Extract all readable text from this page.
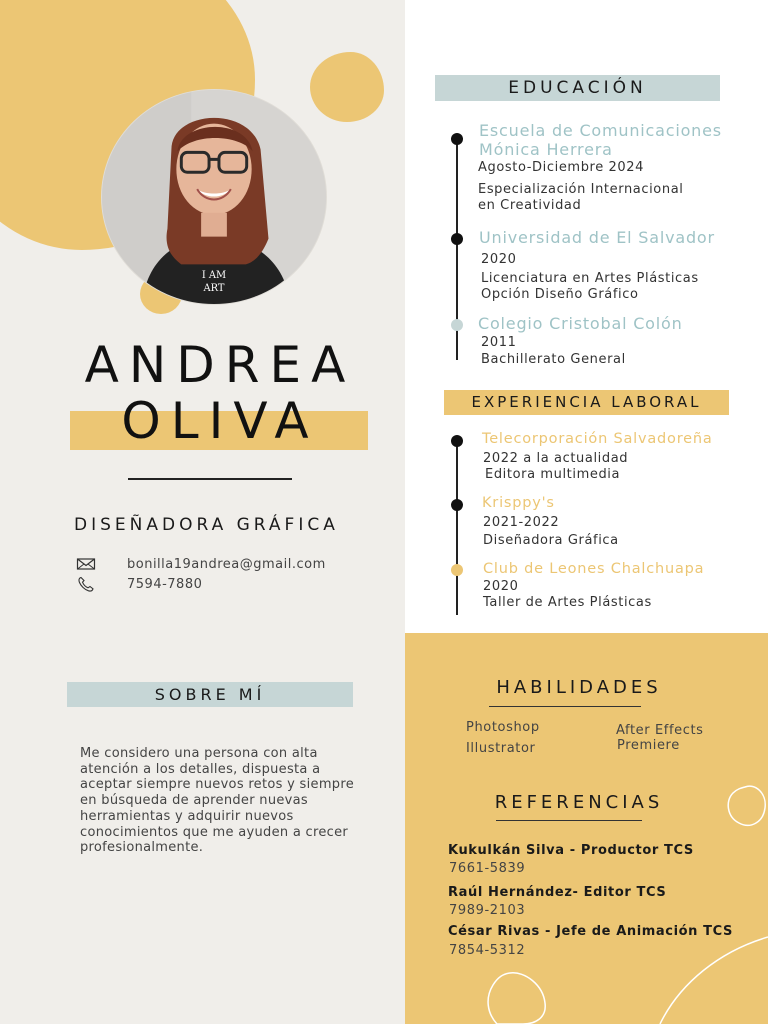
I AM
ART
ANDREA
OLIVA
DISEÑADORA GRÁFICA
bonilla19andrea@gmail.com
7594-7880
SOBRE MÍ
Me considero una persona con alta
atención a los detalles, dispuesta a
aceptar siempre nuevos retos y siempre
en búsqueda de aprender nuevas
herramientas y adquirir nuevos
conocimientos que me ayuden a crecer
profesionalmente.
EDUCACIÓN
Escuela de Comunicaciones
Mónica Herrera
Agosto-Diciembre 2024
Especialización Internacional
en Creatividad
Universidad de El Salvador
2020
Licenciatura en Artes Plásticas
Opción Diseño Gráfico
Colegio Cristobal Colón
2011
Bachillerato General
EXPERIENCIA LABORAL
Telecorporación Salvadoreña
2022 a la actualidad
Editora multimedia
Krisppy's
2021-2022
Diseñadora Gráfica
Club de Leones Chalchuapa
2020
Taller de Artes Plásticas
HABILIDADES
Photoshop
Illustrator
After Effects
Premiere
REFERENCIAS
Kukulkán Silva - Productor TCS
7661-5839
Raúl Hernández- Editor TCS
7989-2103
César Rivas - Jefe de Animación TCS
7854-5312
